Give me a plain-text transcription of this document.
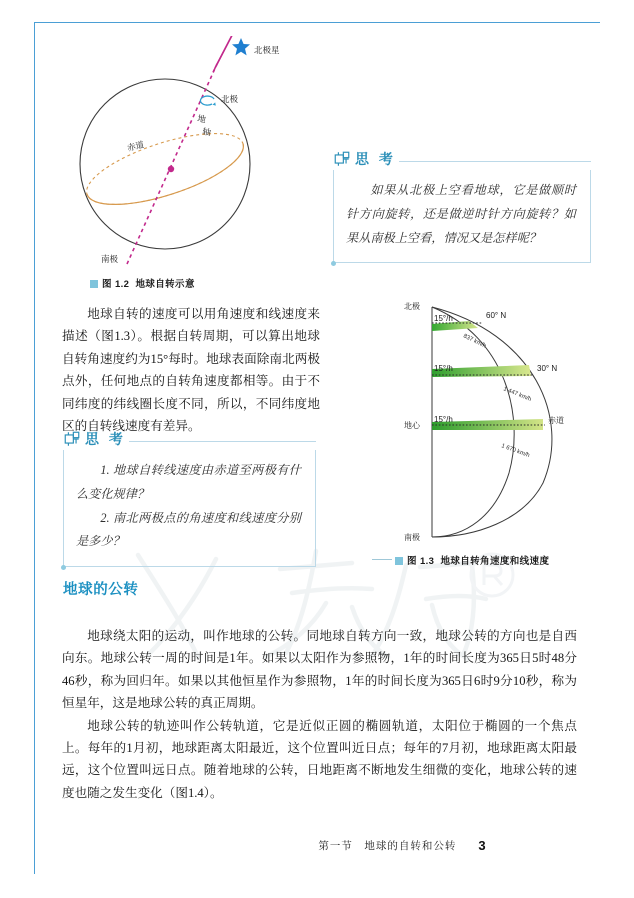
北极星
北极
地
轴
赤道
南极
图 1.2 地球自转示意
思 考

如果从北极上空看地球，它是做顺时针方向旋转，还是做逆时针方向旋转？如果从南极上空看，情况又是怎样呢？

地球自转的速度可以用角速度和线速度来描述（图1.3）。根据自转周期，可以算出地球自转角速度约为15°每时。地球表面除南北两极点外，任何地点的自转角速度都相等。由于不同纬度的纬线圈长度不同，所以，不同纬度地区的自转线速度有差异。

思 考

1. 地球自转线速度由赤道至两极有什么变化规律？

2. 南北两极点的角速度和线速度分别是多少？

15°/h	60° N
837 km/h
15°/h	30° N
1 447 km/h
15°/h	赤道
1 670 km/h
北极
地心
南极
图 1.3 地球自转角速度和线速度
地球的公转

地球绕太阳的运动，叫作地球的公转。同地球自转方向一致，地球公转的方向也是自西向东。地球公转一周的时间是1年。如果以太阳作为参照物，1年的时间长度为365日5时48分46秒，称为回归年。如果以其他恒星作为参照物，1年的时间长度为365日6时9分10秒，称为恒星年，这是地球公转的真正周期。

地球公转的轨迹叫作公转轨道，它是近似正圆的椭圆轨道，太阳位于椭圆的一个焦点上。每年的1月初，地球距离太阳最近，这个位置叫近日点；每年的7月初，地球距离太阳最远，这个位置叫远日点。随着地球的公转，日地距离不断地发生细微的变化，地球公转的速度也随之发生变化（图1.4）。

第一节　地球的自转和公转 3
